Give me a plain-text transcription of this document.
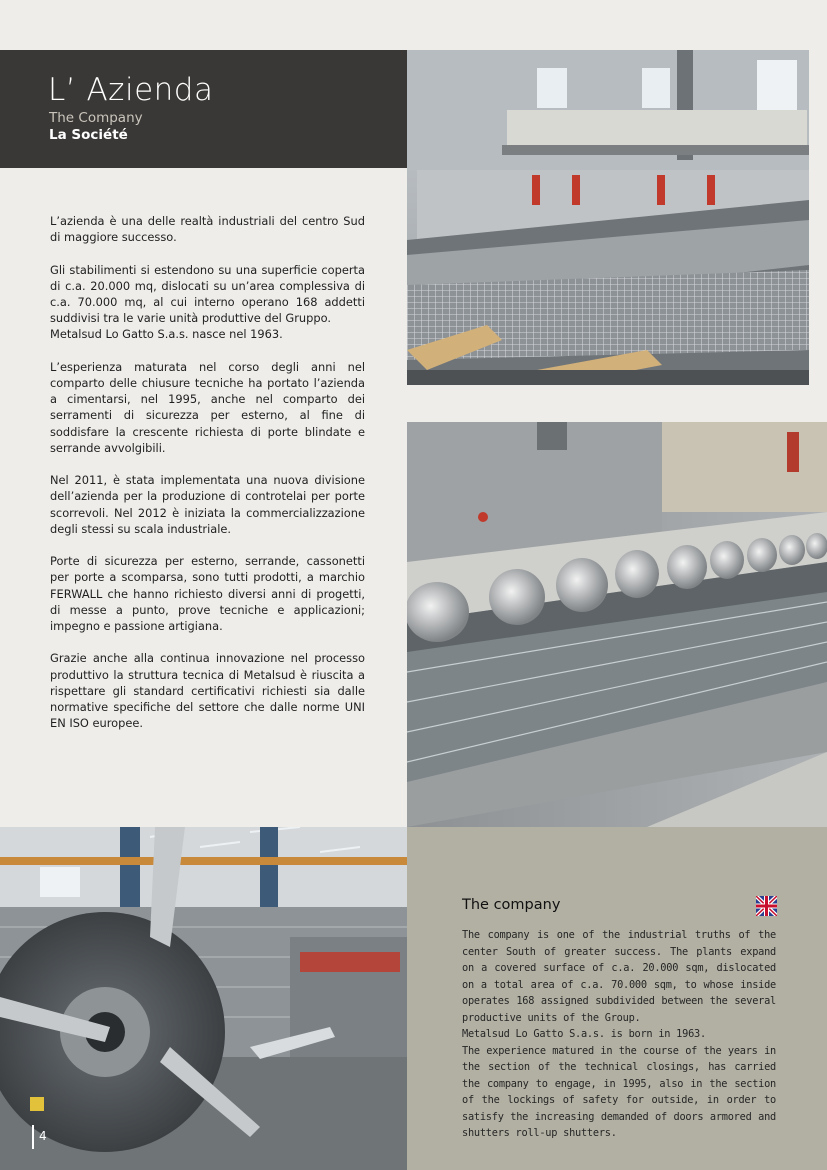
L’ Azienda
The Company
La Société

L’azienda è una delle realtà industriali del centro Sud di maggiore successo.

Gli stabilimenti si estendono su una superficie coperta di c.a. 20.000 mq, dislocati su un’area complessiva di c.a. 70.000 mq, al cui interno operano 168 addetti suddivisi tra le varie unità produttive del Gruppo.
Metalsud Lo Gatto S.a.s. nasce nel 1963.

L’esperienza maturata nel corso degli anni nel comparto delle chiusure tecniche ha portato l’azienda a cimentarsi, nel 1995, anche nel comparto dei serramenti di sicurezza per esterno, al fine di soddisfare la crescente richiesta di porte blindate e serrande avvolgibili.

Nel 2011, è stata implementata una nuova divisione dell’azienda per la produzione di controtelai per porte scorrevoli. Nel 2012 è iniziata la commercializzazione degli stessi su scala industriale.

Porte di sicurezza per esterno, serrande, cassonetti per porte a scomparsa, sono tutti prodotti, a marchio FERWALL che hanno richiesto diversi anni di progetti, di messe a punto, prove tecniche e applicazioni; impegno e passione artigiana.

Grazie anche alla continua innovazione nel processo produttivo la struttura tecnica di Metalsud è riuscita a rispettare gli standard certificativi richiesti sia dalle normative specifiche del settore che dalle norme UNI EN ISO europee.

The company
The company is one of the industrial truths of the center South of greater success. The plants expand on a covered surface of c.a. 20.000 sqm, dislocated on a total area of c.a. 70.000 sqm, to whose inside operates 168 assigned subdivided between the several productive units of the Group.
Metalsud Lo Gatto S.a.s. is born in 1963.
The experience matured in the course of the years in the section of the technical closings, has carried the company to engage, in 1995, also in the section of the lockings of safety for outside, in order to satisfy the increasing demanded of doors armored and shutters roll-up shutters.
4
